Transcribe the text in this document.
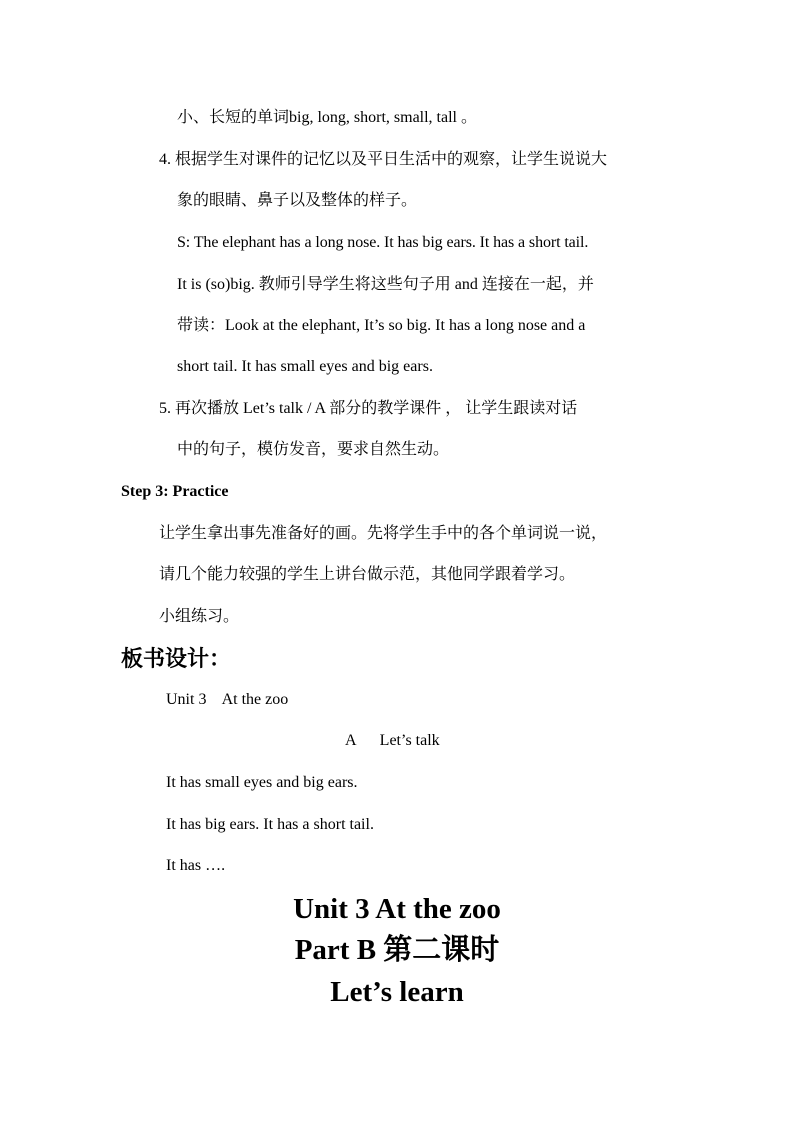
小、长短的单词big, long, short, small, tall 。
4. 根据学生对课件的记忆以及平日生活中的观察，让学生说说大
象的眼睛、鼻子以及整体的样子。
S: The elephant has a long nose. It has big ears. It has a short tail.
It is (so)big. 教师引导学生将这些句子用 and 连接在一起，并
带读：Look at the elephant, It’s so big. It has a long nose and a
short tail. It has small eyes and big ears.
5. 再次播放 Let’s talk / A 部分的教学课件 ， 让学生跟读对话
中的句子，模仿发音，要求自然生动。
Step 3: Practice
让学生拿出事先准备好的画。先将学生手中的各个单词说一说，
请几个能力较强的学生上讲台做示范，其他同学跟着学习。
小组练习。
板书设计：
Unit 3    At the zoo
A      Let’s talk
It has small eyes and big ears.
It has big ears. It has a short tail.
It has ….
Unit 3 At the zoo
Part B 第二课时
Let’s learn
